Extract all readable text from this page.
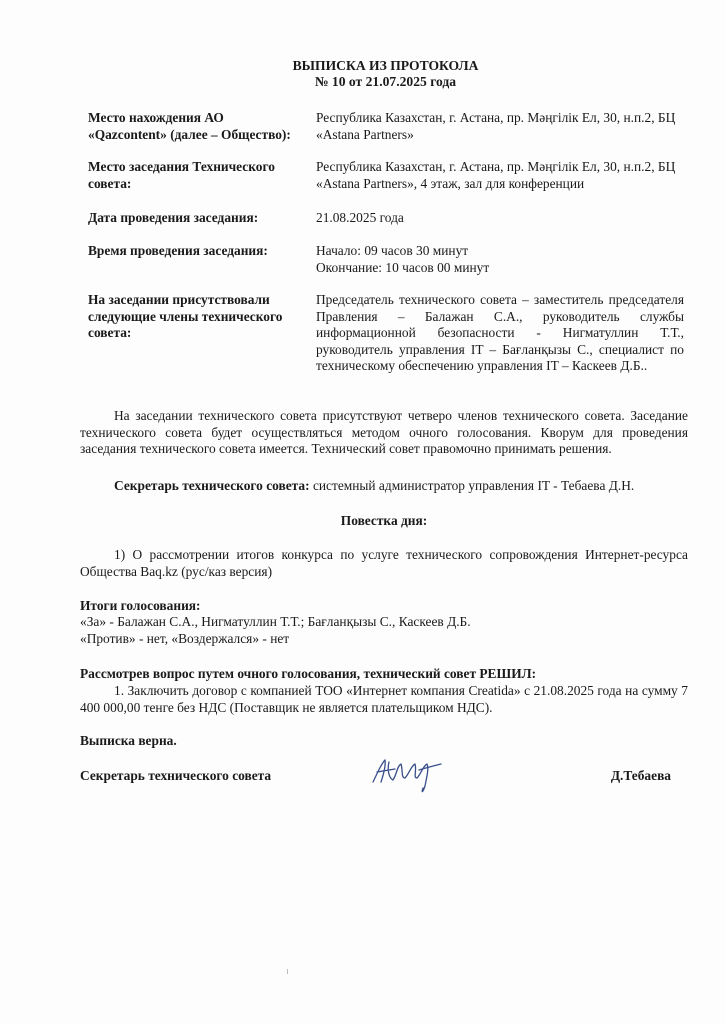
ВЫПИСКА ИЗ ПРОТОКОЛА
№ 10 от 21.07.2025 года
Место нахождения АО «Qazcontent» (далее – Общество):
Республика Казахстан, г. Астана, пр. Мәңгілік Ел, 30, н.п.2, БЦ «Astana Partners»
Место заседания Технического совета:
Республика Казахстан, г. Астана, пр. Мәңгілік Ел, 30, н.п.2, БЦ «Astana Partners», 4 этаж, зал для конференции
Дата проведения заседания:	21.08.2025 года
Время проведения заседания:	Начало: 09 часов 30 минут
Окончание: 10 часов 00 минут
На заседании присутствовали следующие члены технического совета:
Председатель технического совета – заместитель председателя Правления – Балажан С.А., руководитель службы информационной безопасности - Нигматуллин Т.Т., руководитель управления IT – Бағланқызы С., специалист по техническому обеспечению управления IT – Каскеев Д.Б..
На заседании технического совета присутствуют четверо членов технического совета. Заседание технического совета будет осуществляться методом очного голосования. Кворум для проведения заседания технического совета имеется. Технический совет правомочно принимать решения.
Секретарь технического совета: системный администратор управления IT - Тебаева Д.Н.
Повестка дня:
1) О рассмотрении итогов конкурса по услуге технического сопровождения Интернет-ресурса Общества Baq.kz (рус/каз версия)
Итоги голосования:
«За» - Балажан С.А., Нигматуллин Т.Т.; Бағланқызы С., Каскеев Д.Б.
«Против» - нет, «Воздержался» - нет
Рассмотрев вопрос путем очного голосования, технический совет РЕШИЛ:
1. Заключить договор с компанией ТОО «Интернет компания Creatida» с 21.08.2025 года на сумму 7 400 000,00 тенге без НДС (Поставщик не является плательщиком НДС).
Выписка верна.
Секретарь технического совета	Д.Тебаева
